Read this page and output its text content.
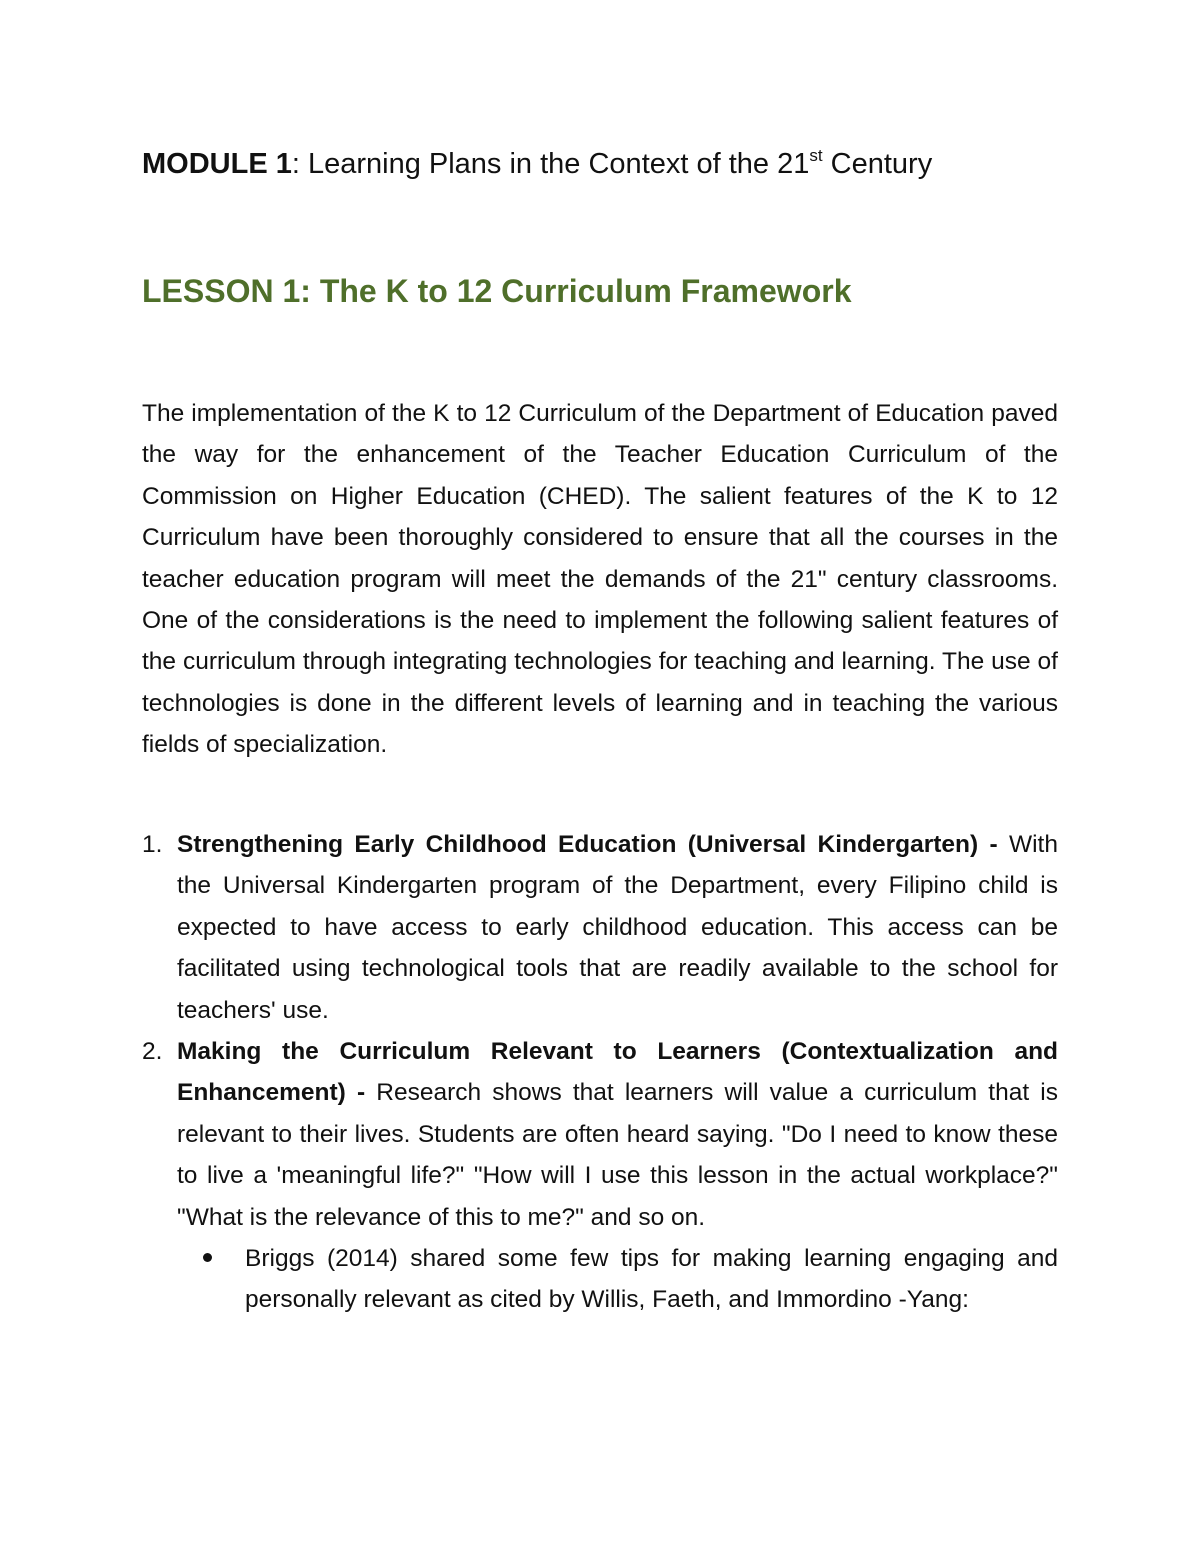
MODULE 1: Learning Plans in the Context of the 21st Century
LESSON 1: The K to 12 Curriculum Framework

The implementation of the K to 12 Curriculum of the Department of Education paved the way for the enhancement of the Teacher Education Curriculum of the Commission on Higher Education (CHED). The salient features of the K to 12 Curriculum have been thoroughly considered to ensure that all the courses in the teacher education program will meet the demands of the 21" century classrooms. One of the considerations is the need to implement the following salient features of the curriculum through integrating technologies for teaching and learning. The use of technologies is done in the different levels of learning and in teaching the various fields of specialization.

1. Strengthening Early Childhood Education (Universal Kindergarten) - With the Universal Kindergarten program of the Department, every Filipino child is expected to have access to early childhood education. This access can be facilitated using technological tools that are readily available to the school for teachers' use.
2. Making the Curriculum Relevant to Learners (Contextualization and Enhancement) - Research shows that learners will value a curriculum that is relevant to their lives. Students are often heard saying. "Do I need to know these to live a 'meaningful life?" "How will I use this lesson in the actual workplace?" "What is the relevance of this to me?" and so on.
Briggs (2014) shared some few tips for making learning engaging and personally relevant as cited by Willis, Faeth, and Immordino -Yang:
